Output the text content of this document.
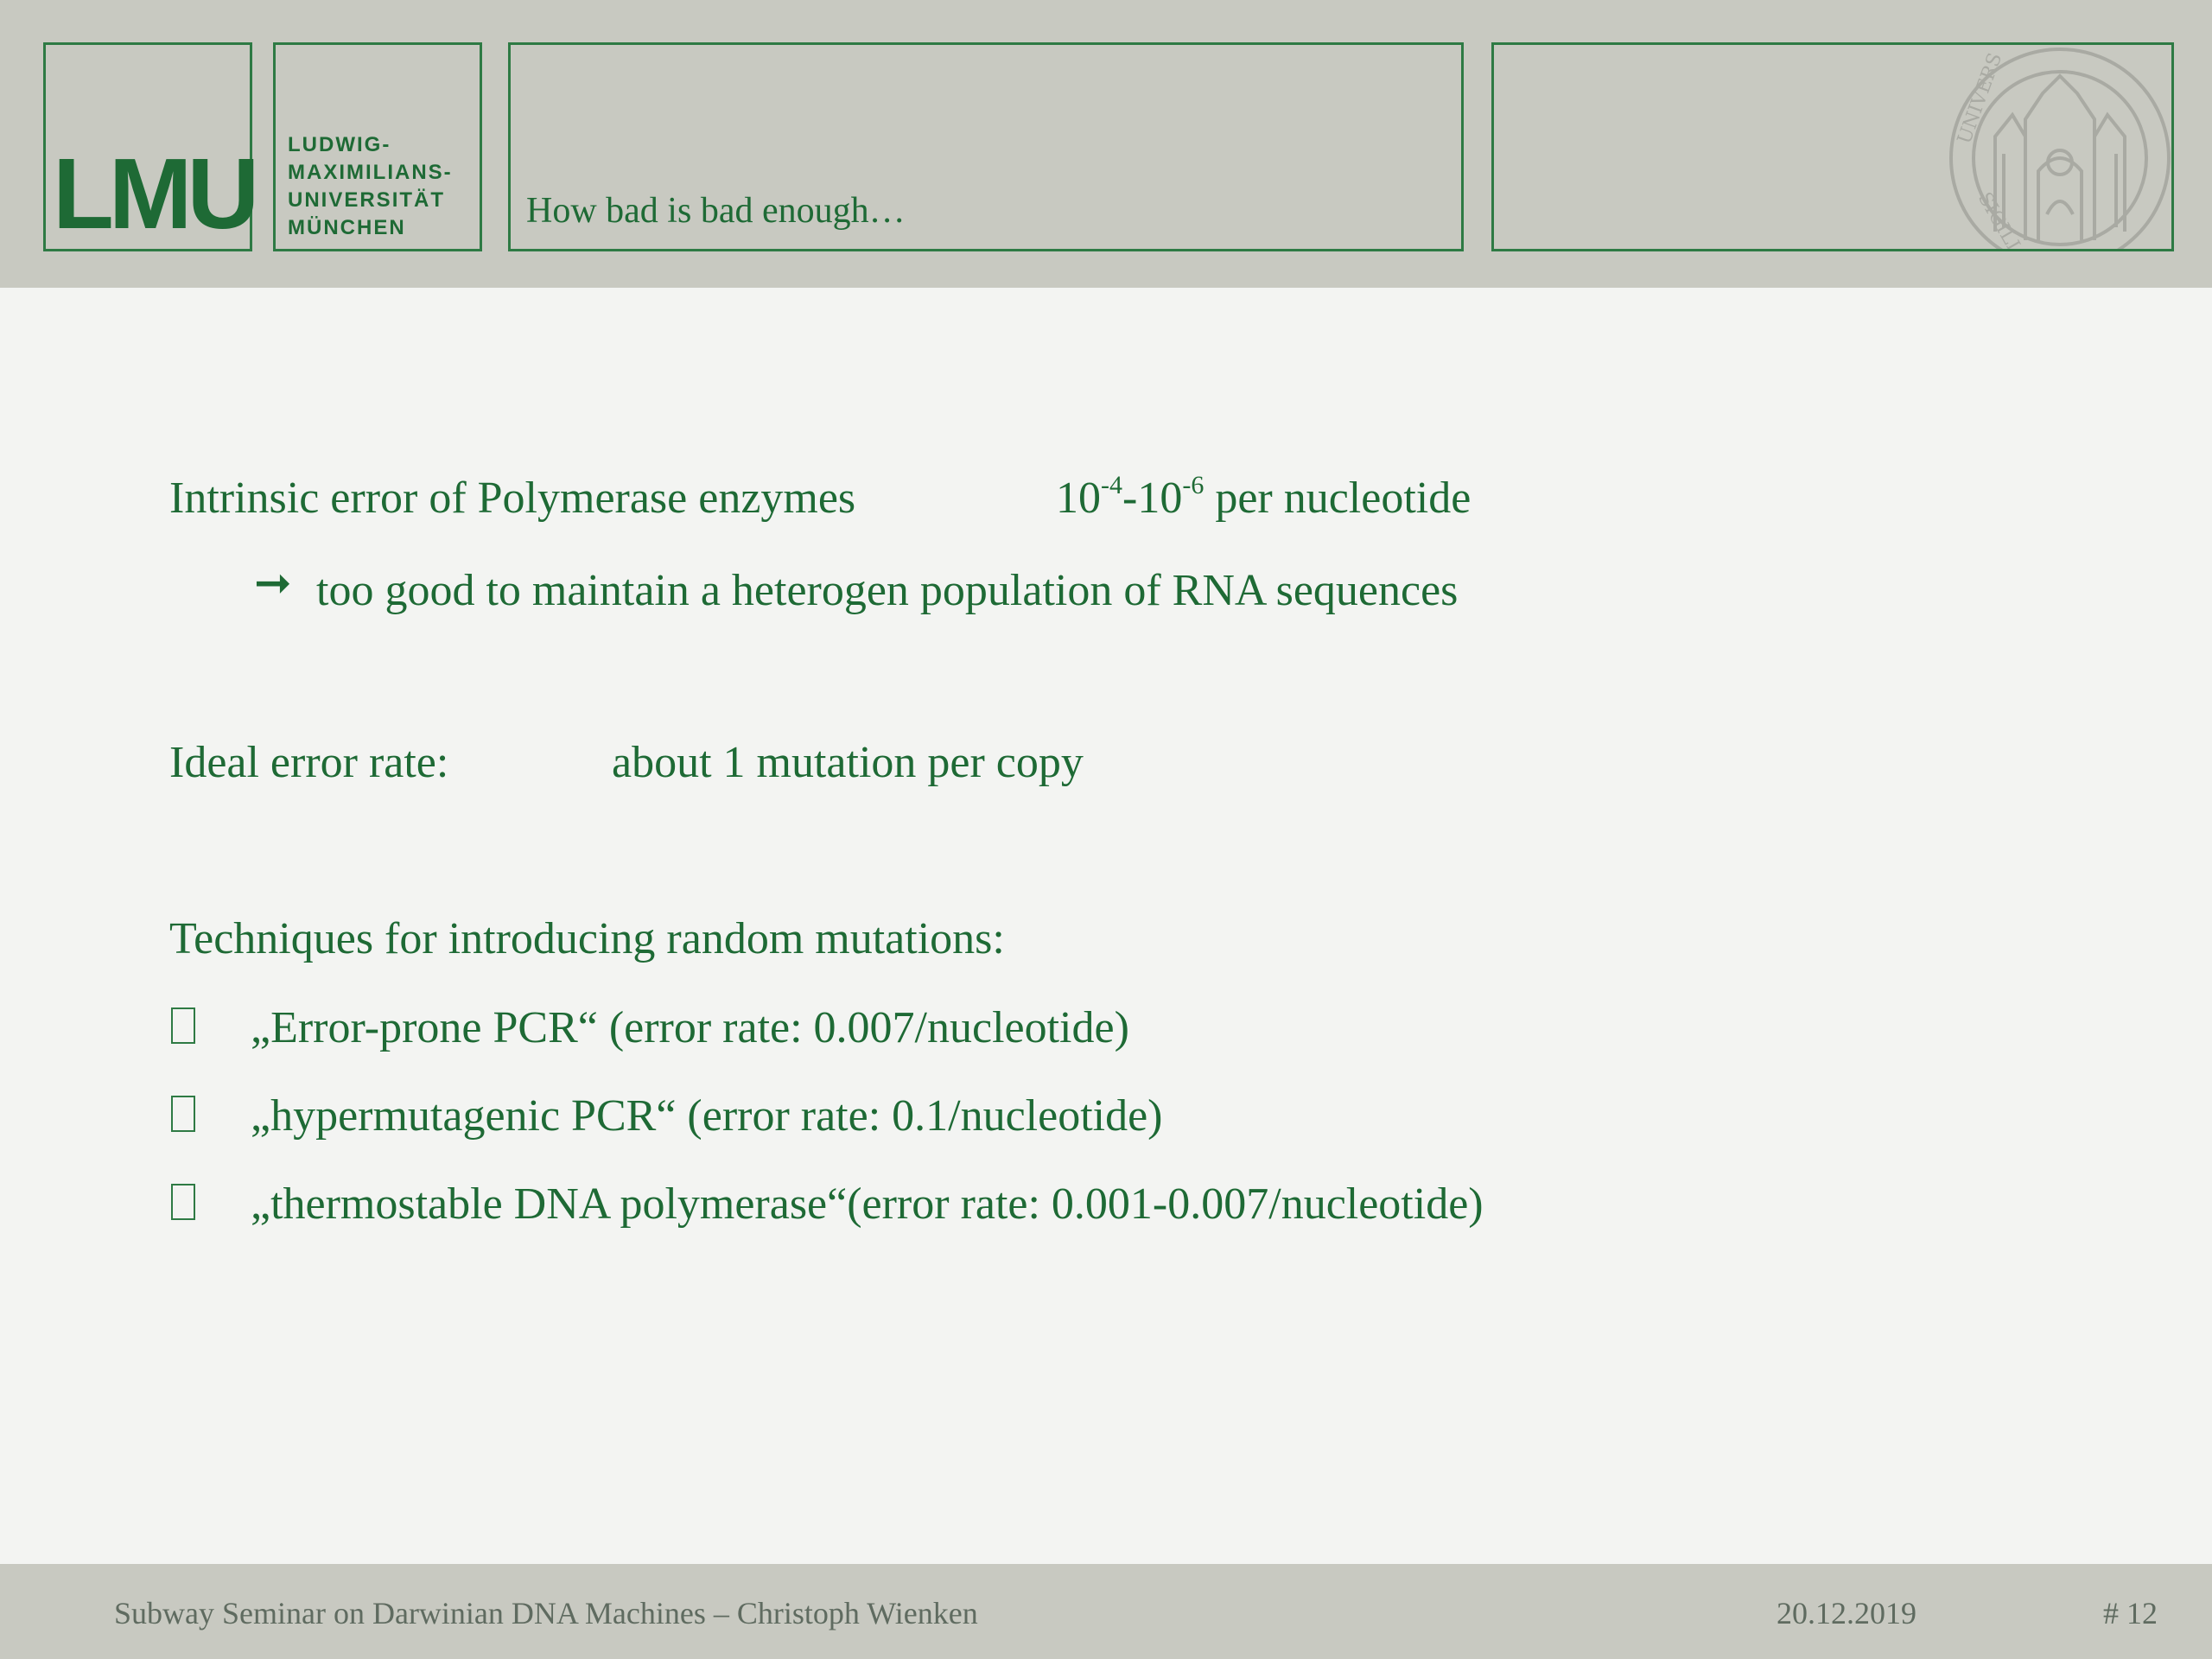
LMU LUDWIG-
MAXIMILIANS-
UNIVERSITÄT
MÜNCHEN	How bad is bad enough…
UNIVERS
SIGILL
Intrinsic error of Polymerase enzymes	$10^{-4}-10^{-6}$ per nucleotide
➞ too good to maintain a heterogen population of RNA sequences
Ideal error rate:	about 1 mutation per copy
Techniques for introducing random mutations:
„Error-prone PCR“ (error rate: 0.007/nucleotide)
„hypermutagenic PCR“ (error rate: 0.1/nucleotide)
„thermostable DNA polymerase“(error rate: 0.001-0.007/nucleotide)
Subway Seminar on Darwinian DNA Machines – Christoph Wienken	20.12.2019	# 12
